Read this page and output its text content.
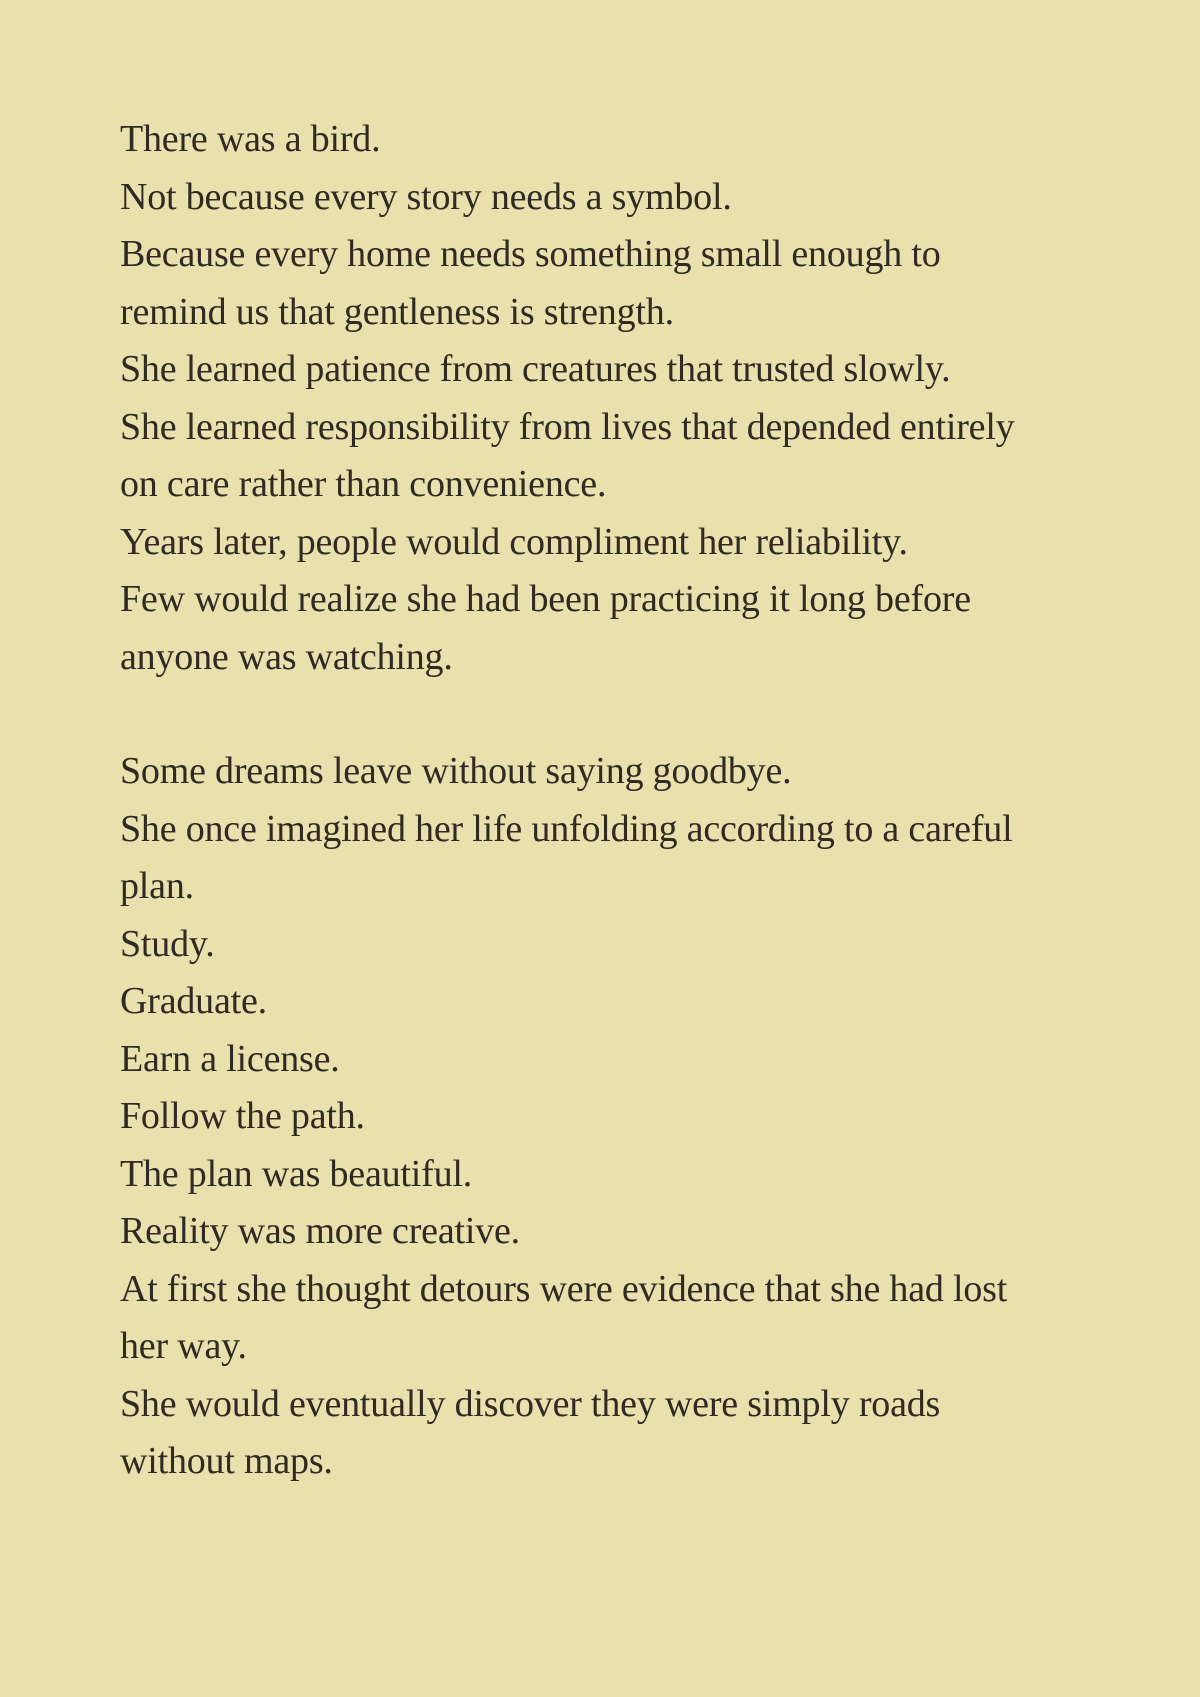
There was a bird.
Not because every story needs a symbol.
Because every home needs something small enough to
remind us that gentleness is strength.
She learned patience from creatures that trusted slowly.
She learned responsibility from lives that depended entirely
on care rather than convenience.
Years later, people would compliment her reliability.
Few would realize she had been practicing it long before
anyone was watching.
Some dreams leave without saying goodbye.
She once imagined her life unfolding according to a careful
plan.
Study.
Graduate.
Earn a license.
Follow the path.
The plan was beautiful.
Reality was more creative.
At first she thought detours were evidence that she had lost
her way.
She would eventually discover they were simply roads
without maps.
